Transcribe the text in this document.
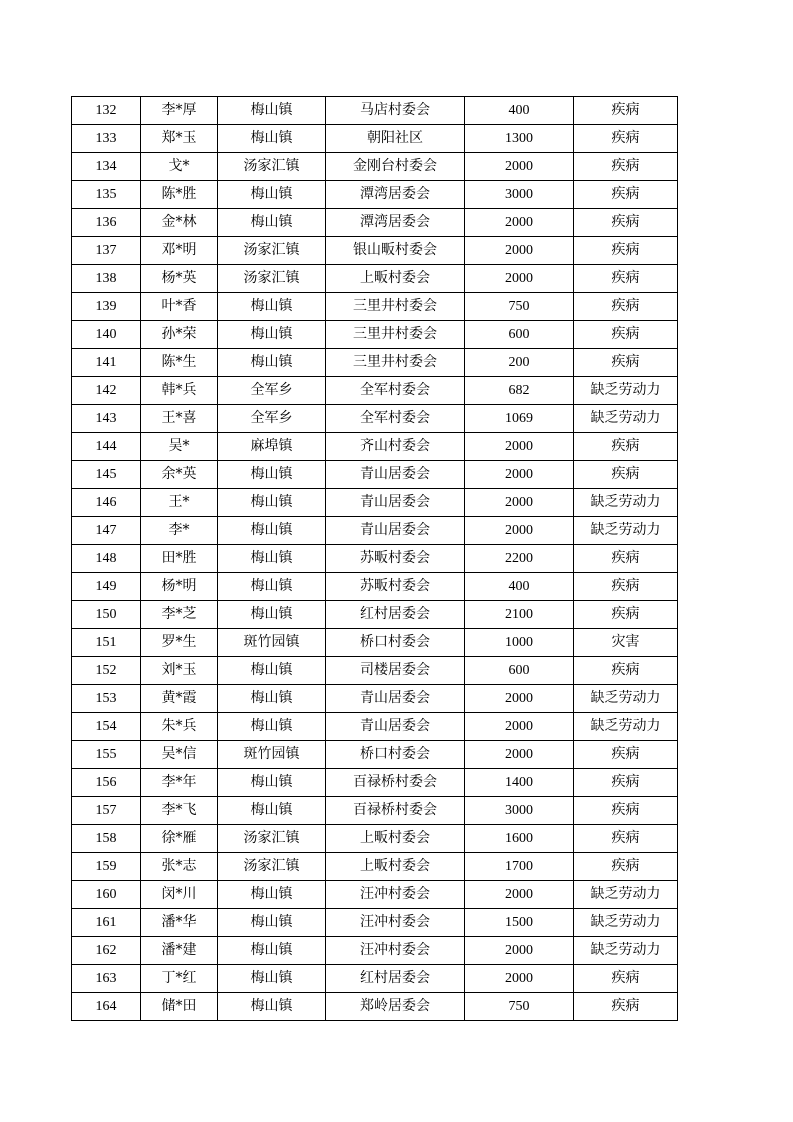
132	李*厚	梅山镇	马店村委会	400	疾病
133	郑*玉	梅山镇	朝阳社区	1300	疾病
134	戈*	汤家汇镇	金刚台村委会	2000	疾病
135	陈*胜	梅山镇	潭湾居委会	3000	疾病
136	金*林	梅山镇	潭湾居委会	2000	疾病
137	邓*明	汤家汇镇	银山畈村委会	2000	疾病
138	杨*英	汤家汇镇	上畈村委会	2000	疾病
139	叶*香	梅山镇	三里井村委会	750	疾病
140	孙*荣	梅山镇	三里井村委会	600	疾病
141	陈*生	梅山镇	三里井村委会	200	疾病
142	韩*兵	全军乡	全军村委会	682	缺乏劳动力
143	王*喜	全军乡	全军村委会	1069	缺乏劳动力
144	吴*	麻埠镇	齐山村委会	2000	疾病
145	余*英	梅山镇	青山居委会	2000	疾病
146	王*	梅山镇	青山居委会	2000	缺乏劳动力
147	李*	梅山镇	青山居委会	2000	缺乏劳动力
148	田*胜	梅山镇	苏畈村委会	2200	疾病
149	杨*明	梅山镇	苏畈村委会	400	疾病
150	李*芝	梅山镇	红村居委会	2100	疾病
151	罗*生	斑竹园镇	桥口村委会	1000	灾害
152	刘*玉	梅山镇	司楼居委会	600	疾病
153	黄*霞	梅山镇	青山居委会	2000	缺乏劳动力
154	朱*兵	梅山镇	青山居委会	2000	缺乏劳动力
155	吴*信	斑竹园镇	桥口村委会	2000	疾病
156	李*年	梅山镇	百禄桥村委会	1400	疾病
157	李*飞	梅山镇	百禄桥村委会	3000	疾病
158	徐*雁	汤家汇镇	上畈村委会	1600	疾病
159	张*志	汤家汇镇	上畈村委会	1700	疾病
160	闵*川	梅山镇	汪冲村委会	2000	缺乏劳动力
161	潘*华	梅山镇	汪冲村委会	1500	缺乏劳动力
162	潘*建	梅山镇	汪冲村委会	2000	缺乏劳动力
163	丁*红	梅山镇	红村居委会	2000	疾病
164	储*田	梅山镇	郑岭居委会	750	疾病
